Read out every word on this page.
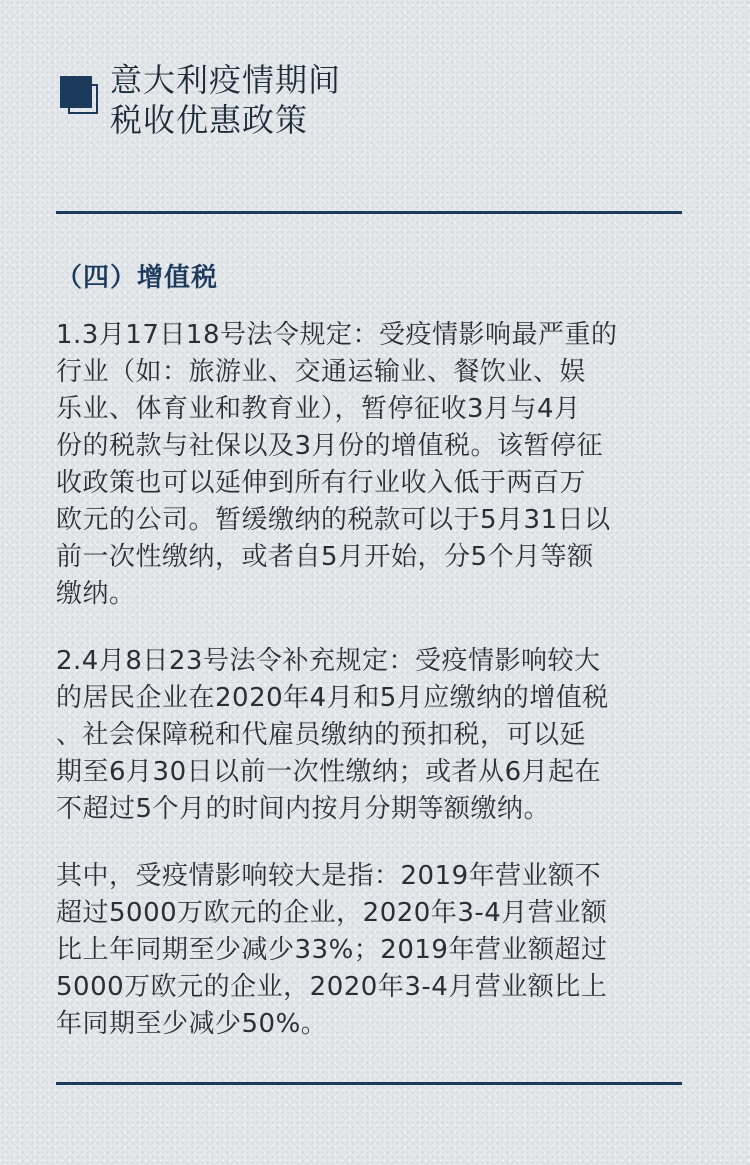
意大利疫情期间
税收优惠政策
（四）增值税
1.3月17日18号法令规定：受疫情影响最严重的
行业（如：旅游业、交通运输业、餐饮业、娱
乐业、体育业和教育业），暂停征收3月与4月
份的税款与社保以及3月份的增值税。该暂停征
收政策也可以延伸到所有行业收入低于两百万
欧元的公司。暂缓缴纳的税款可以于5月31日以
前一次性缴纳，或者自5月开始，分5个月等额
缴纳。
2.4月8日23号法令补充规定：受疫情影响较大
的居民企业在2020年4月和5月应缴纳的增值税
、社会保障税和代雇员缴纳的预扣税，可以延
期至6月30日以前一次性缴纳；或者从6月起在
不超过5个月的时间内按月分期等额缴纳。
其中，受疫情影响较大是指：2019年营业额不
超过5000万欧元的企业，2020年3-4月营业额
比上年同期至少减少33%；2019年营业额超过
5000万欧元的企业，2020年3-4月营业额比上
年同期至少减少50%。
